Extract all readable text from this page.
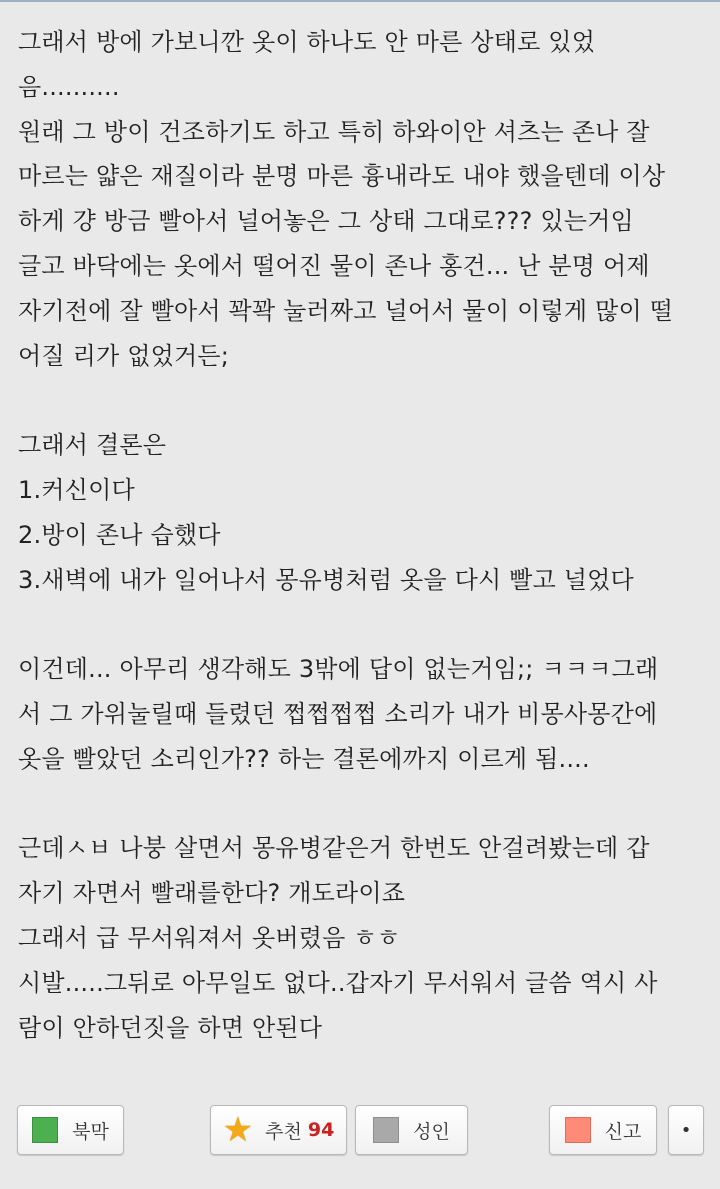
그래서 방에 가보니깐 옷이 하나도 안 마른 상태로 있었
음..........
원래 그 방이 건조하기도 하고 특히 하와이안 셔츠는 존나 잘
마르는 얇은 재질이라 분명 마른 흉내라도 내야 했을텐데 이상
하게 걍 방금 빨아서 널어놓은 그 상태 그대로??? 있는거임
글고 바닥에는 옷에서 떨어진 물이 존나 홍건... 난 분명 어제
자기전에 잘 빨아서 꽉꽉 눌러짜고 널어서 물이 이렇게 많이 떨
어질 리가 없었거든;
그래서 결론은
1.커신이다
2.방이 존나 습했다
3.새벽에 내가 일어나서 몽유병처럼 옷을 다시 빨고 널었다
이건데... 아무리 생각해도 3밖에 답이 없는거임;; ㅋㅋㅋ그래
서 그 가위눌릴때 들렸던 쩝쩝쩝쩝 소리가 내가 비몽사몽간에
옷을 빨았던 소리인가?? 하는 결론에까지 이르게 됨....
근데ㅅㅂ 나붕 살면서 몽유병같은거 한번도 안걸려봤는데 갑
자기 자면서 빨래를한다? 개도라이죠
그래서 급 무서워져서 옷버렸음 ㅎㅎ
시발.....그뒤로 아무일도 없다..갑자기 무서워서 글씀 역시 사
람이 안하던짓을 하면 안된다
북막	★ 추천 94	성인	신고 •
